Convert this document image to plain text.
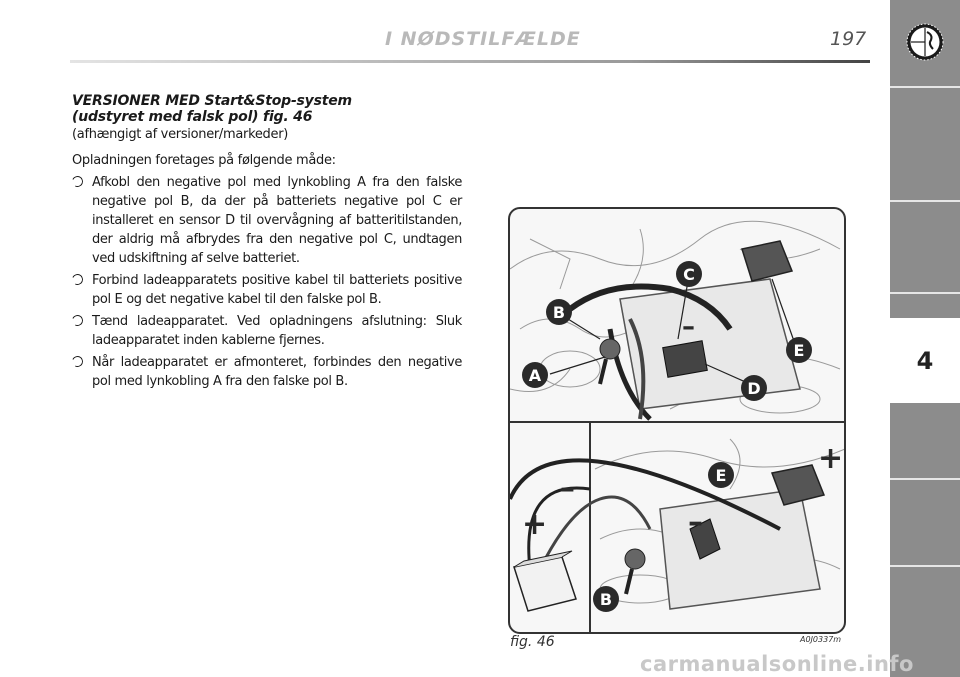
I NØDSTILFÆLDE	197
4

VERSIONER MED Start&Stop-system
(udstyret med falsk pol) fig. 46

(afhængigt af versioner/markeder)

Opladningen foretages på følgende måde:

Afkobl den negative pol med lynkobling A fra den falske negative pol B, da der på batteriets negative pol C er installeret en sensor D til overvågning af batteritilstanden, der aldrig må afbrydes fra den negative pol C, undtagen ved udskiftning af selve batteriet.
Forbind ladeapparatets positive kabel til batteriets positive pol E og det negative kabel til den falske pol B.
Tænd ladeapparatet. Ved opladningens afslutning: Sluk ladeapparatet inden kablerne fjernes.
Når ladeapparatet er afmonteret, forbindes den negative pol med lynkobling A fra den falske pol B.	A
B
C
D
E
–
E
B
+
+
–
–
fig. 46	A0J0337m
carmanualsonline.info
